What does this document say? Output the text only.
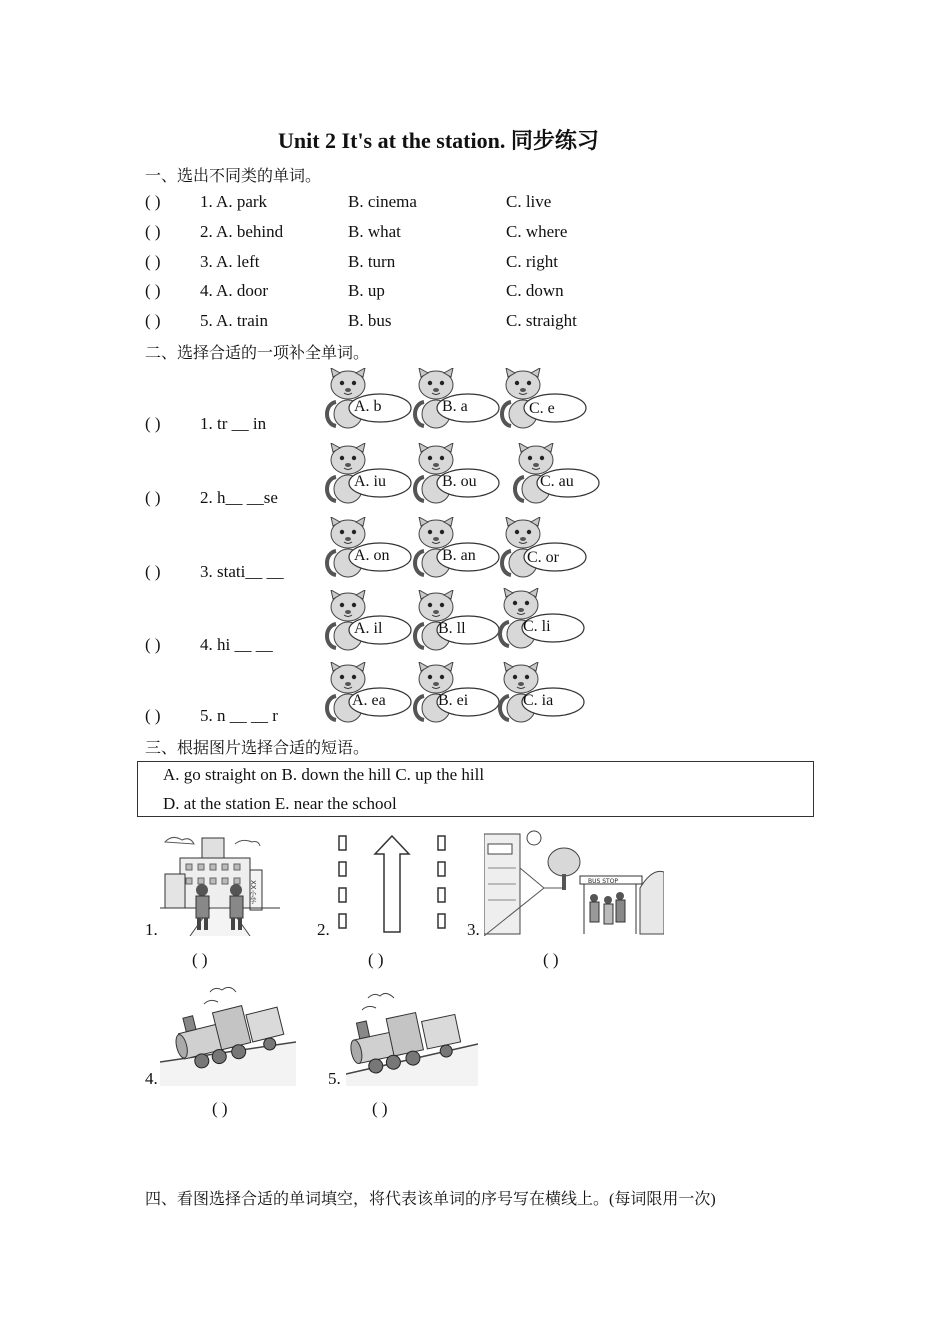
Unit 2 It's at the station. 同步练习
一、选出不同类的单词。
( ) 1. A. park	B. cinema	C. live
( ) 2. A. behind	B. what	C. where
( ) 3. A. left	B. turn	C. right
( ) 4. A. door	B. up	C. down
( ) 5. A. train	B. bus	C. straight
二、选择合适的一项补全单词。
( ) 1. tr __ in
A. b	B. a	C. e
( ) 2. h__ __se
A. iu	B. ou	C. au
( ) 3. stati__ __
A. on	B. an	C. or
( ) 4. hi __ __
A. il	B. ll	C. li
( ) 5. n __ __ r
A. ea	B. ei	C. ia
三、根据图片选择合适的短语。
A. go straight on B. down the hill C. up the hill
D. at the station E. near the school
1.
XX小学
( )
2.
( )
3.
BUS STOP
( )
4.
( )
5.
( )
四、看图选择合适的单词填空，将代表该单词的序号写在横线上。(每词限用一次)
